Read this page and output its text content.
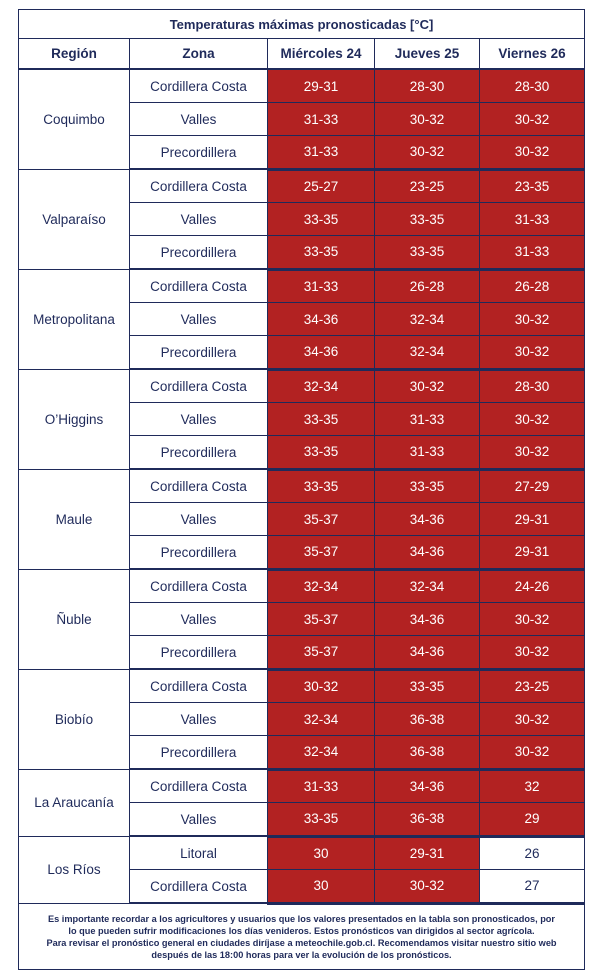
Temperaturas máximas pronosticadas [°C]				
Región	Zona	Miércoles 24	Jueves 25	Viernes 26
Coquimbo	Cordillera Costa	29-31	28-30	28-30
	Valles	31-33	30-32	30-32
	Precordillera	31-33	30-32	30-32
Valparaíso	Cordillera Costa	25-27	23-25	23-35
	Valles	33-35	33-35	31-33
	Precordillera	33-35	33-35	31-33
Metropolitana	Cordillera Costa	31-33	26-28	26-28
	Valles	34-36	32-34	30-32
	Precordillera	34-36	32-34	30-32
O’Higgins	Cordillera Costa	32-34	30-32	28-30
	Valles	33-35	31-33	30-32
	Precordillera	33-35	31-33	30-32
Maule	Cordillera Costa	33-35	33-35	27-29
	Valles	35-37	34-36	29-31
	Precordillera	35-37	34-36	29-31
Ñuble	Cordillera Costa	32-34	32-34	24-26
	Valles	35-37	34-36	30-32
	Precordillera	35-37	34-36	30-32
Biobío	Cordillera Costa	30-32	33-35	23-25
	Valles	32-34	36-38	30-32
	Precordillera	32-34	36-38	30-32
La Araucanía	Cordillera Costa	31-33	34-36	32
	Valles	33-35	36-38	29
Los Ríos	Litoral	30	29-31	26
	Cordillera Costa	30	30-32	27

Es importante recordar a los agricultores y usuarios que los valores presentados en la tabla son pronosticados, por
lo que pueden sufrir modificaciones los días venideros. Estos pronósticos van dirigidos al sector agrícola.
Para revisar el pronóstico general en ciudades diríjase a meteochile.gob.cl. Recomendamos visitar nuestro sitio web
después de las 18:00 horas para ver la evolución de los pronósticos.				
